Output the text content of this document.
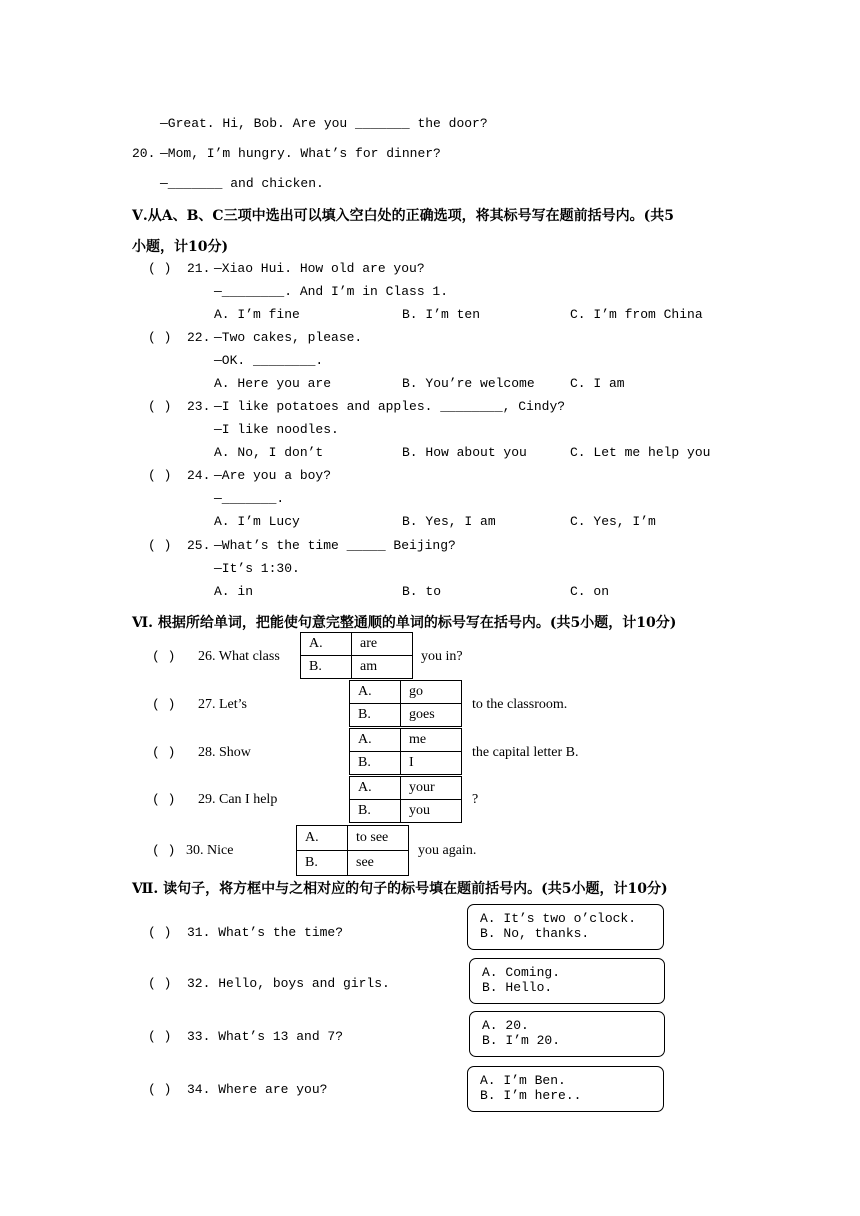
—Great. Hi, Bob. Are you _______ the door?
20. —Mom, I’m hungry. What’s for dinner?
—_______ and chicken.
Ⅴ.从A、B、C三项中选出可以填入空白处的正确选项，将其标号写在题前括号内。(共5
小题，计10分)
( ) 21. —Xiao Hui. How old are you?
—________. And I’m in Class 1.
A. I’m fine	B. I’m ten	C. I’m from China
( ) 22. —Two cakes, please.
—OK. ________.
A. Here you are	B. You’re welcome	C. I am
( ) 23. —I like potatoes and apples. ________, Cindy?
—I like noodles.
A. No, I don’t	B. How about you	C. Let me help you
( ) 24. —Are you a boy?
—_______.
A. I’m Lucy	B. Yes, I am	C. Yes, I’m
( ) 25. —What’s the time _____ Beijing?
—It’s 1:30.
A. in	B. to	C. on
Ⅵ. 根据所给单词，把能使句意完整通顺的单词的标号写在括号内。(共5小题，计10分)
( ) 26. What class
A.	are
B.	am
you in?
( ) 27. Let’s
A.	go
B.	goes
to the classroom.
( ) 28. Show
A.	me
B.	I
the capital letter B.
( ) 29. Can I help
A.	your
B.	you
?
( ) 30. Nice
A.	to see
B.	see
you again.
Ⅶ. 读句子，将方框中与之相对应的句子的标号填在题前括号内。(共5小题，计10分)
( ) 31. What’s the time?
A. It’s two o’clock.
B. No, thanks.
( ) 32. Hello, boys and girls.
A. Coming.
B. Hello.
( ) 33. What’s 13 and 7?
A. 20.
B. I’m 20.
( ) 34. Where are you?
A. I’m Ben.
B. I’m here..
